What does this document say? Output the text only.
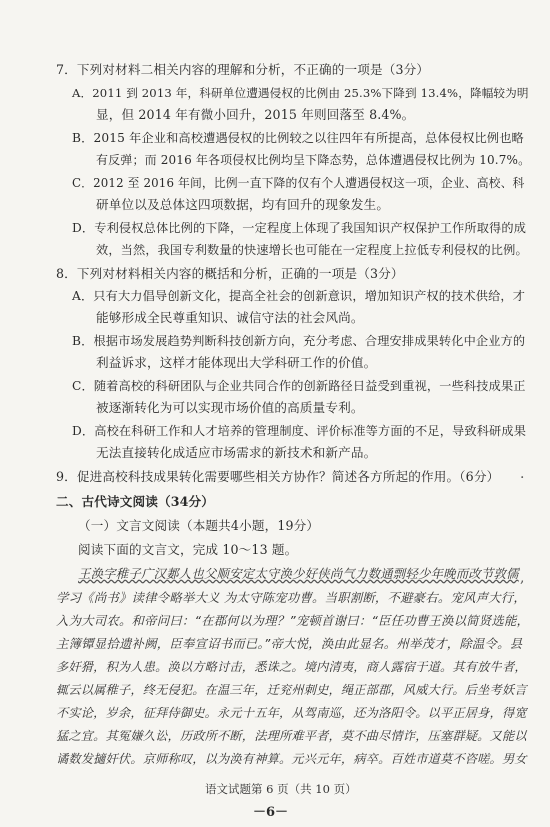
7．下列对材料二相关内容的理解和分析，不正确的一项是（3分）
A．2011 到 2013 年，科研单位遭遇侵权的比例由 25.3%下降到 13.4%，降幅较为明
显，但 2014 年有微小回升，2015 年则回落至 8.4%。
B．2015 年企业和高校遭遇侵权的比例较之以往四年有所提高，总体侵权比例也略
有反弹；而 2016 年各项侵权比例均呈下降态势，总体遭遇侵权比例为 10.7%。
C．2012 至 2016 年间，比例一直下降的仅有个人遭遇侵权这一项，企业、高校、科
研单位以及总体这四项数据，均有回升的现象发生。
D．专利侵权总体比例的下降，一定程度上体现了我国知识产权保护工作所取得的成
效，当然，我国专利数量的快速增长也可能在一定程度上拉低专利侵权的比例。
8．下列对材料相关内容的概括和分析，正确的一项是（3分）
A．只有大力倡导创新文化，提高全社会的创新意识，增加知识产权的技术供给，才
能够形成全民尊重知识、诚信守法的社会风尚。
B．根据市场发展趋势判断科技创新方向，充分考虑、合理安排成果转化中企业方的
利益诉求，这样才能体现出大学科研工作的价值。
C．随着高校的科研团队与企业共同合作的创新路径日益受到重视，一些科技成果正
被逐渐转化为可以实现市场价值的高质量专利。
D．高校在科研工作和人才培养的管理制度、评价标准等方面的不足，导致科研成果
无法直接转化成适应市场需求的新技术和新产品。
9．促进高校科技成果转化需要哪些相关方协作？简述各方所起的作用。（6分）
二、古代诗文阅读（34分）
（一）文言文阅读（本题共4小题，19分）
阅读下面的文言文，完成 10～13 题。
王涣字稚子广汉郪人也父顺安定太守涣少好侠尚气力数通剽轻少年晚而改节敦儒
学习《尚书》读律令略举大义 为太守陈宠功曹。当职割断，不避豪右。宠风声大行，
入为大司农。和帝问曰：“在郡何以为理？”宠顿首谢曰：“臣任功曹王涣以简贤选能，
主簿镡显拾遗补阙，臣奉宣诏书而已。”帝大悦，涣由此显名。州举茂才，除温令。县
多奸猾，积为人患。涣以方略讨击，悉诛之。境内清夷，商人露宿于道。其有放牛者，
辄云以属稚子，终无侵犯。在温三年，迁兖州刺史，绳正部郡，风威大行。后坐考妖言
不实论，岁余，征拜侍御史。永元十五年，从驾南巡，还为洛阳令。以平正居身，得宽
猛之宜。其冤嫌久讼，历政所不断，法理所难平者，莫不曲尽情诈，压塞群疑。又能以
谲数发擿奸伏。京师称叹，以为涣有神算。元兴元年，病卒。百姓市道莫不咨嗟。男女
·
,
语文试题第 6 页（共 10 页）
－6－
